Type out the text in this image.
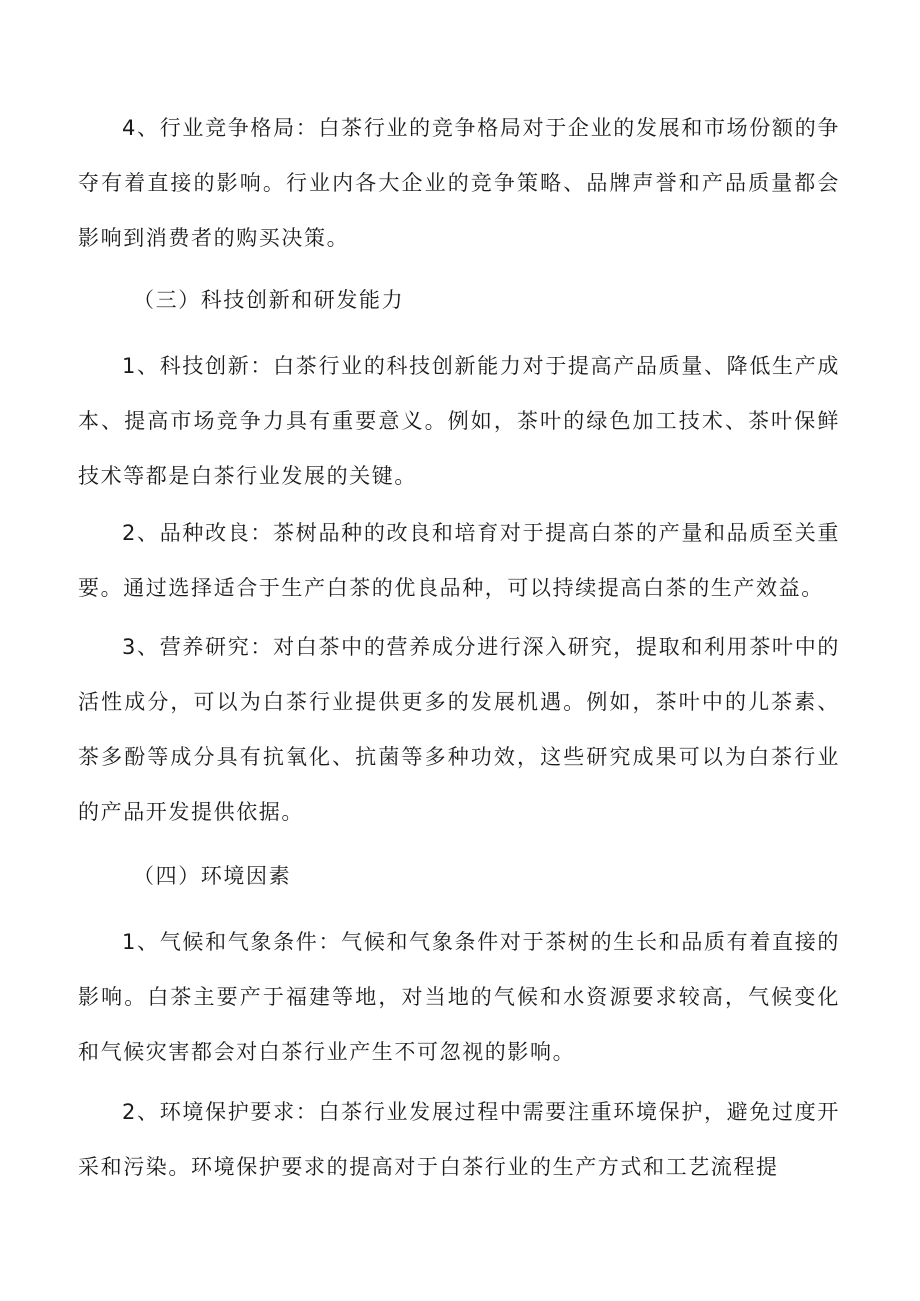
4、行业竞争格局：白茶行业的竞争格局对于企业的发展和市场份额的争夺有着直接的影响。行业内各大企业的竞争策略、品牌声誉和产品质量都会影响到消费者的购买决策。

（三）科技创新和研发能力

1、科技创新：白茶行业的科技创新能力对于提高产品质量、降低生产成本、提高市场竞争力具有重要意义。例如，茶叶的绿色加工技术、茶叶保鲜技术等都是白茶行业发展的关键。

2、品种改良：茶树品种的改良和培育对于提高白茶的产量和品质至关重要。通过选择适合于生产白茶的优良品种，可以持续提高白茶的生产效益。

3、营养研究：对白茶中的营养成分进行深入研究，提取和利用茶叶中的活性成分，可以为白茶行业提供更多的发展机遇。例如，茶叶中的儿茶素、茶多酚等成分具有抗氧化、抗菌等多种功效，这些研究成果可以为白茶行业的产品开发提供依据。

（四）环境因素

1、气候和气象条件：气候和气象条件对于茶树的生长和品质有着直接的影响。白茶主要产于福建等地，对当地的气候和水资源要求较高，气候变化和气候灾害都会对白茶行业产生不可忽视的影响。

2、环境保护要求：白茶行业发展过程中需要注重环境保护，避免过度开采和污染。环境保护要求的提高对于白茶行业的生产方式和工艺流程提
